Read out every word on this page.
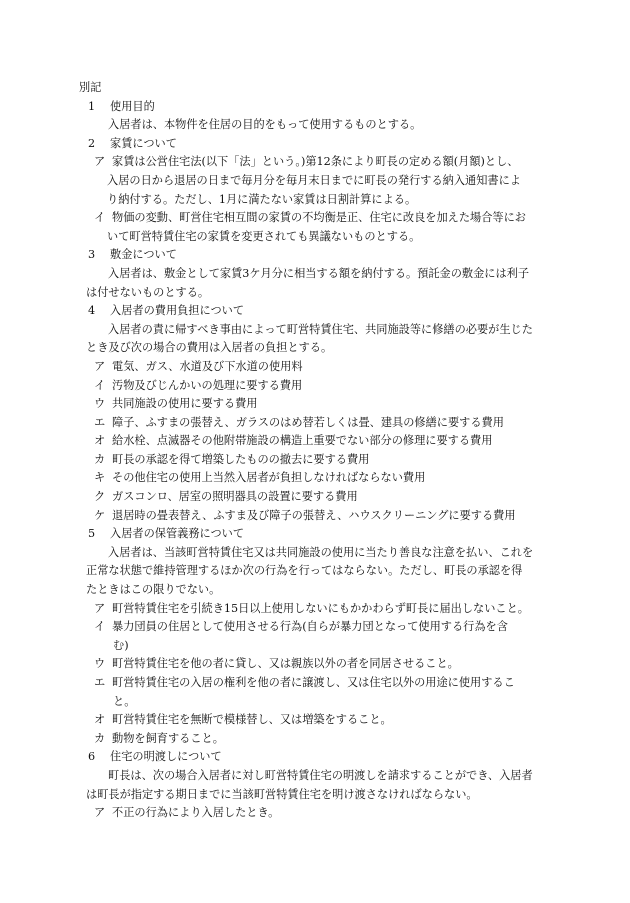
別記
1 使用目的
入居者は、本物件を住居の目的をもって使用するものとする。
2 家賃について
ア 家賃は公営住宅法(以下「法」という。)第12条により町長の定める額(月額)とし、
入居の日から退居の日まで毎月分を毎月末日までに町長の発行する納入通知書によ
り納付する。ただし、1月に満たない家賃は日割計算による。
イ 物価の変動、町営住宅相互間の家賃の不均衡是正、住宅に改良を加えた場合等にお
いて町営特賃住宅の家賃を変更されても異議ないものとする。
3 敷金について
入居者は、敷金として家賃3ケ月分に相当する額を納付する。預託金の敷金には利子
は付せないものとする。
4 入居者の費用負担について
入居者の責に帰すべき事由によって町営特賃住宅、共同施設等に修繕の必要が生じた
とき及び次の場合の費用は入居者の負担とする。
ア 電気、ガス、水道及び下水道の使用料
イ 汚物及びじんかいの処理に要する費用
ウ 共同施設の使用に要する費用
エ 障子、ふすまの張替え、ガラスのはめ替若しくは畳、建具の修繕に要する費用
オ 給水栓、点滅器その他附帯施設の構造上重要でない部分の修理に要する費用
カ 町長の承認を得て増築したものの撤去に要する費用
キ その他住宅の使用上当然入居者が負担しなければならない費用
ク ガスコンロ、居室の照明器具の設置に要する費用
ケ 退居時の畳表替え、ふすま及び障子の張替え、ハウスクリーニングに要する費用
5 入居者の保管義務について
入居者は、当該町営特賃住宅又は共同施設の使用に当たり善良な注意を払い、これを
正常な状態で維持管理するほか次の行為を行ってはならない。ただし、町長の承認を得
たときはこの限りでない。
ア 町営特賃住宅を引続き15日以上使用しないにもかかわらず町長に届出しないこと。
イ 暴力団員の住居として使用させる行為(自らが暴力団となって使用する行為を含
む)
ウ 町営特賃住宅を他の者に貸し、又は親族以外の者を同居させること。
エ 町営特賃住宅の入居の権利を他の者に譲渡し、又は住宅以外の用途に使用するこ
と。
オ 町営特賃住宅を無断で模様替し、又は増築をすること。
カ 動物を飼育すること。
6 住宅の明渡しについて
町長は、次の場合入居者に対し町営特賃住宅の明渡しを請求することができ、入居者
は町長が指定する期日までに当該町営特賃住宅を明け渡さなければならない。
ア 不正の行為により入居したとき。
